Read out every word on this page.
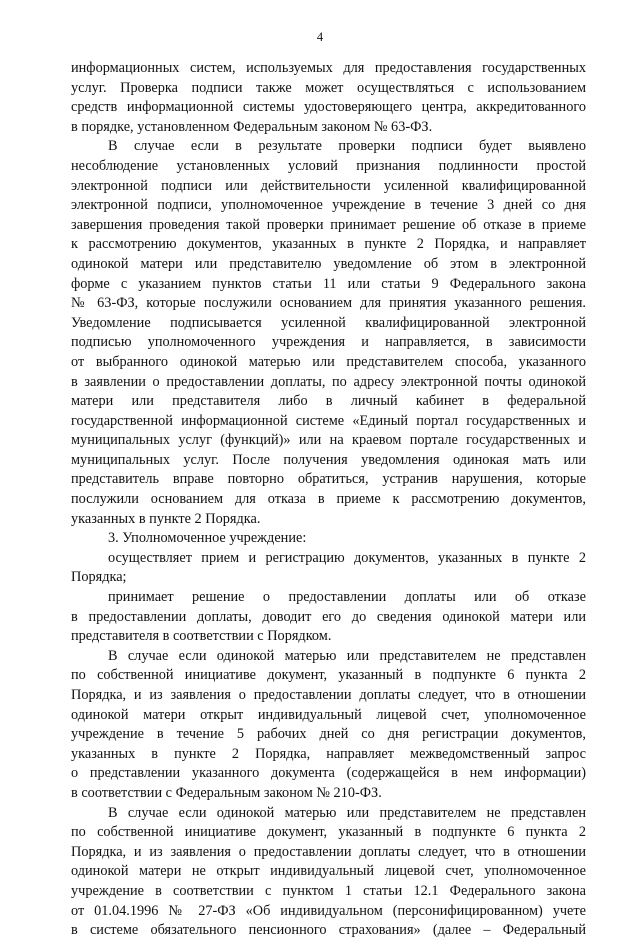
4
информационных систем, используемых для предоставления государственных
услуг. Проверка подписи также может осуществляться с использованием
средств информационной системы удостоверяющего центра, аккредитованного
в порядке, установленном Федеральным законом № 63-ФЗ.
В случае если в результате проверки подписи будет выявлено
несоблюдение установленных условий признания подлинности простой
электронной подписи или действительности усиленной квалифицированной
электронной подписи, уполномоченное учреждение в течение 3 дней со дня
завершения проведения такой проверки принимает решение об отказе в приеме
к рассмотрению документов, указанных в пункте 2 Порядка, и направляет
одинокой матери или представителю уведомление об этом в электронной
форме с указанием пунктов статьи 11 или статьи 9 Федерального закона
№ 63-ФЗ, которые послужили основанием для принятия указанного решения.
Уведомление подписывается усиленной квалифицированной электронной
подписью уполномоченного учреждения и направляется, в зависимости
от выбранного одинокой матерью или представителем способа, указанного
в заявлении о предоставлении доплаты, по адресу электронной почты одинокой
матери или представителя либо в личный кабинет в федеральной
государственной информационной системе «Единый портал государственных и
муниципальных услуг (функций)» или на краевом портале государственных и
муниципальных услуг. После получения уведомления одинокая мать или
представитель вправе повторно обратиться, устранив нарушения, которые
послужили основанием для отказа в приеме к рассмотрению документов,
указанных в пункте 2 Порядка.
3. Уполномоченное учреждение:
осуществляет прием и регистрацию документов, указанных в пункте 2
Порядка;
принимает решение о предоставлении доплаты или об отказе
в предоставлении доплаты, доводит его до сведения одинокой матери или
представителя в соответствии с Порядком.
В случае если одинокой матерью или представителем не представлен
по собственной инициативе документ, указанный в подпункте 6 пункта 2
Порядка, и из заявления о предоставлении доплаты следует, что в отношении
одинокой матери открыт индивидуальный лицевой счет, уполномоченное
учреждение в течение 5 рабочих дней со дня регистрации документов,
указанных в пункте 2 Порядка, направляет межведомственный запрос
о представлении указанного документа (содержащейся в нем информации)
в соответствии с Федеральным законом № 210-ФЗ.
В случае если одинокой матерью или представителем не представлен
по собственной инициативе документ, указанный в подпункте 6 пункта 2
Порядка, и из заявления о предоставлении доплаты следует, что в отношении
одинокой матери не открыт индивидуальный лицевой счет, уполномоченное
учреждение в соответствии с пунктом 1 статьи 12.1 Федерального закона
от 01.04.1996 № 27-ФЗ «Об индивидуальном (персонифицированном) учете
в системе обязательного пенсионного страхования» (далее – Федеральный
